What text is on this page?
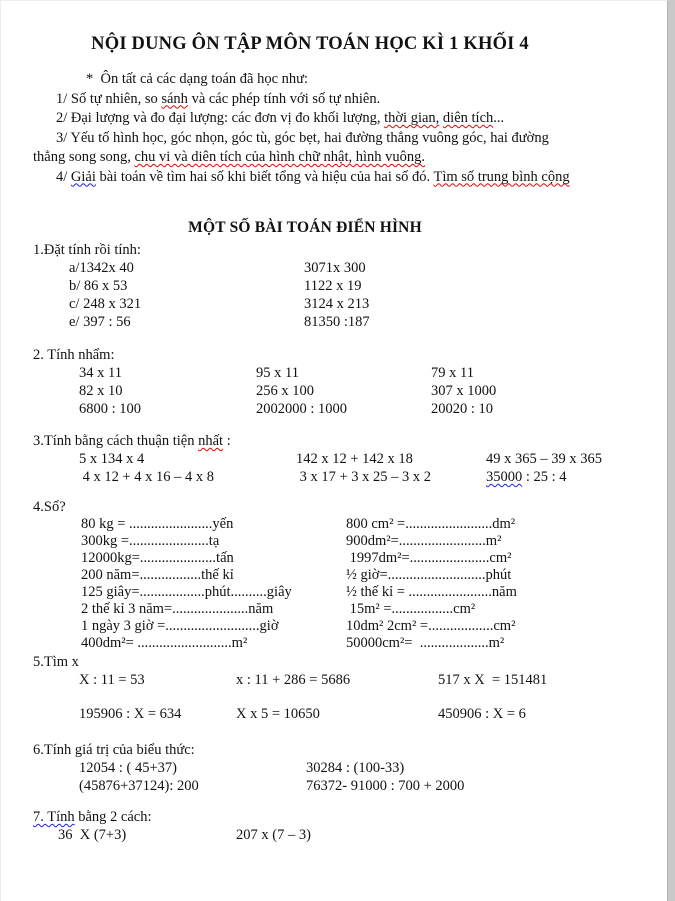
NỘI DUNG ÔN TẬP MÔN TOÁN HỌC KÌ 1 KHỐI 4
*  Ôn tất cả các dạng toán đã học như:
1/ Số tự nhiên, so sánh và các phép tính với số tự nhiên.
2/ Đại lượng và đo đại lượng: các đơn vị đo khối lượng, thời gian, diên tích...
3/ Yếu tố hình học, góc nhọn, góc tù, góc bẹt, hai đường thẳng vuông góc, hai đường
thẳng song song, chu vi và diên tích của hình chữ nhật, hình vuông.
4/ Giải bài toán về tìm hai số khi biết tổng và hiệu của hai số đó. Tìm số trung bình cộng
MỘT SỐ BÀI TOÁN ĐIỂN HÌNH
1.Đặt tính rồi tính:
a/1342x 40	3071x 300
b/ 86 x 53	1122 x 19
c/ 248 x 321	3124 x 213
e/ 397 : 56	81350 :187
2. Tính nhẩm:
34 x 11	95 x 11	79 x 11
82 x 10	256 x 100	307 x 1000
6800 : 100	2002000 : 1000	20020 : 10
3.Tính bằng cách thuận tiện nhất :
5 x 134 x 4	142 x 12 + 142 x 18	49 x 365 – 39 x 365
4 x 12 + 4 x 16 – 4 x 8	3 x 17 + 3 x 25 – 3 x 2	35000 : 25 : 4
4.Số?
80 kg = .......................yến	800 cm² =........................dm²
300kg =......................tạ	900dm²=........................m²
12000kg=.....................tấn	1997dm²=......................cm²
200 năm=.................thế kỉ	½ giờ=...........................phút
125 giây=..................phút..........giây	½ thế kỉ = .......................năm
2 thế kỉ 3 năm=.....................năm	15m² =.................cm²
1 ngày 3 giờ =..........................giờ	10dm² 2cm² =..................cm²
400dm²= ..........................m²	50000cm²=  ...................m²
5.Tìm x
X : 11 = 53	x : 11 + 286 = 5686	517 x X  = 151481
195906 : X = 634	X x 5 = 10650	450906 : X = 6
6.Tính giá trị của biểu thức:
12054 : ( 45+37)	30284 : (100-33)
(45876+37124): 200	76372- 91000 : 700 + 2000
7. Tính bằng 2 cách:
36  X (7+3)	207 x (7 – 3)
